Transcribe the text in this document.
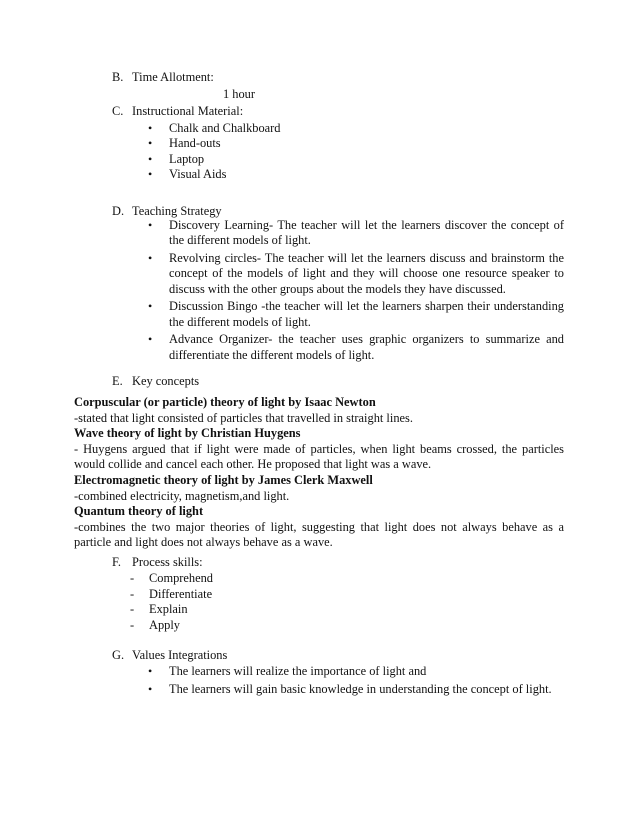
B. Time Allotment:
1 hour
C. Instructional Material:
• Chalk and Chalkboard
• Hand-outs
• Laptop
• Visual Aids
D. Teaching Strategy
• Discovery Learning- The teacher will let the learners discover the concept of the different models of light.
• Revolving circles- The teacher will let the learners discuss and brainstorm the concept of the models of light and they will choose one resource speaker to discuss with the other groups about the models they have discussed.
• Discussion Bingo -the teacher will let the learners sharpen their understanding the different models of light.
• Advance Organizer- the teacher uses graphic organizers to summarize and differentiate the different models of light.
E. Key concepts
Corpuscular (or particle) theory of light by Isaac Newton
-stated that light consisted of particles that travelled in straight lines.
Wave theory of light by Christian Huygens
- Huygens argued that if light were made of particles, when light beams crossed, the particles would collide and cancel each other. He proposed that light was a wave.
Electromagnetic theory of light by James Clerk Maxwell
-combined electricity, magnetism,and light.
Quantum theory of light
-combines the two major theories of light, suggesting that light does not always behave as a particle and light does not always behave as a wave.
F. Process skills:
- Comprehend
- Differentiate
- Explain
- Apply
G. Values Integrations
• The learners will realize the importance of light and
• The learners will gain basic knowledge in understanding the concept of light.
